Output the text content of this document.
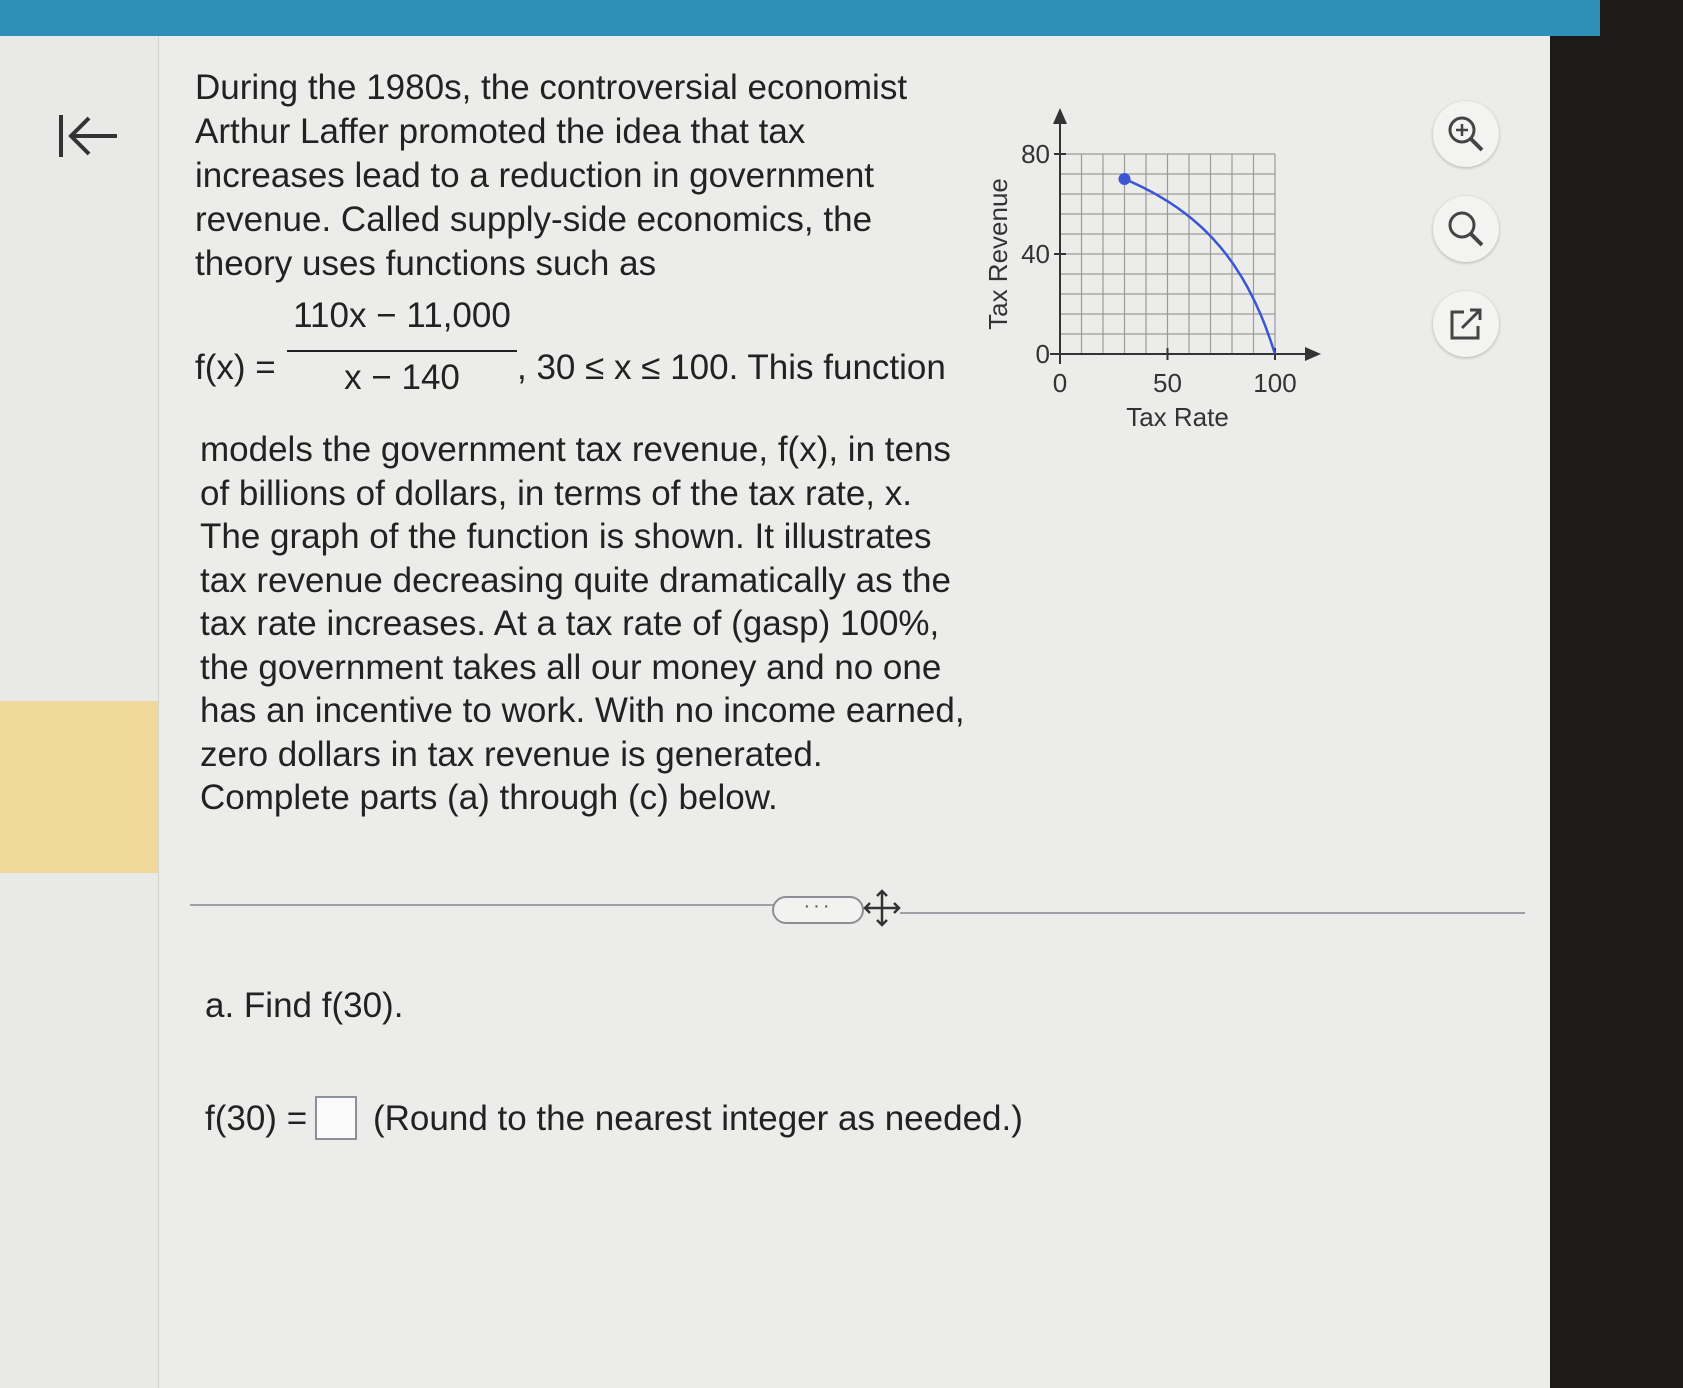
During the 1980s, the controversial economist
Arthur Laffer promoted the idea that tax
increases lead to a reduction in government
revenue. Called supply-side economics, the
theory uses functions such as
f(x) =
110x − 11,000
x − 140	, 30 ≤ x ≤ 100. This function
models the government tax revenue, f(x), in tens
of billions of dollars, in terms of the tax rate, x.
The graph of the function is shown. It illustrates
tax revenue decreasing quite dramatically as the
tax rate increases. At a tax rate of (gasp) 100%,
the government takes all our money and no one
has an incentive to work. With no income earned,
zero dollars in tax revenue is generated.
Complete parts (a) through (c) below.
0	50	100
0
40
80
Tax Rate
Tax Revenue
···
a. Find f(30).
f(30) = (Round to the nearest integer as needed.)
